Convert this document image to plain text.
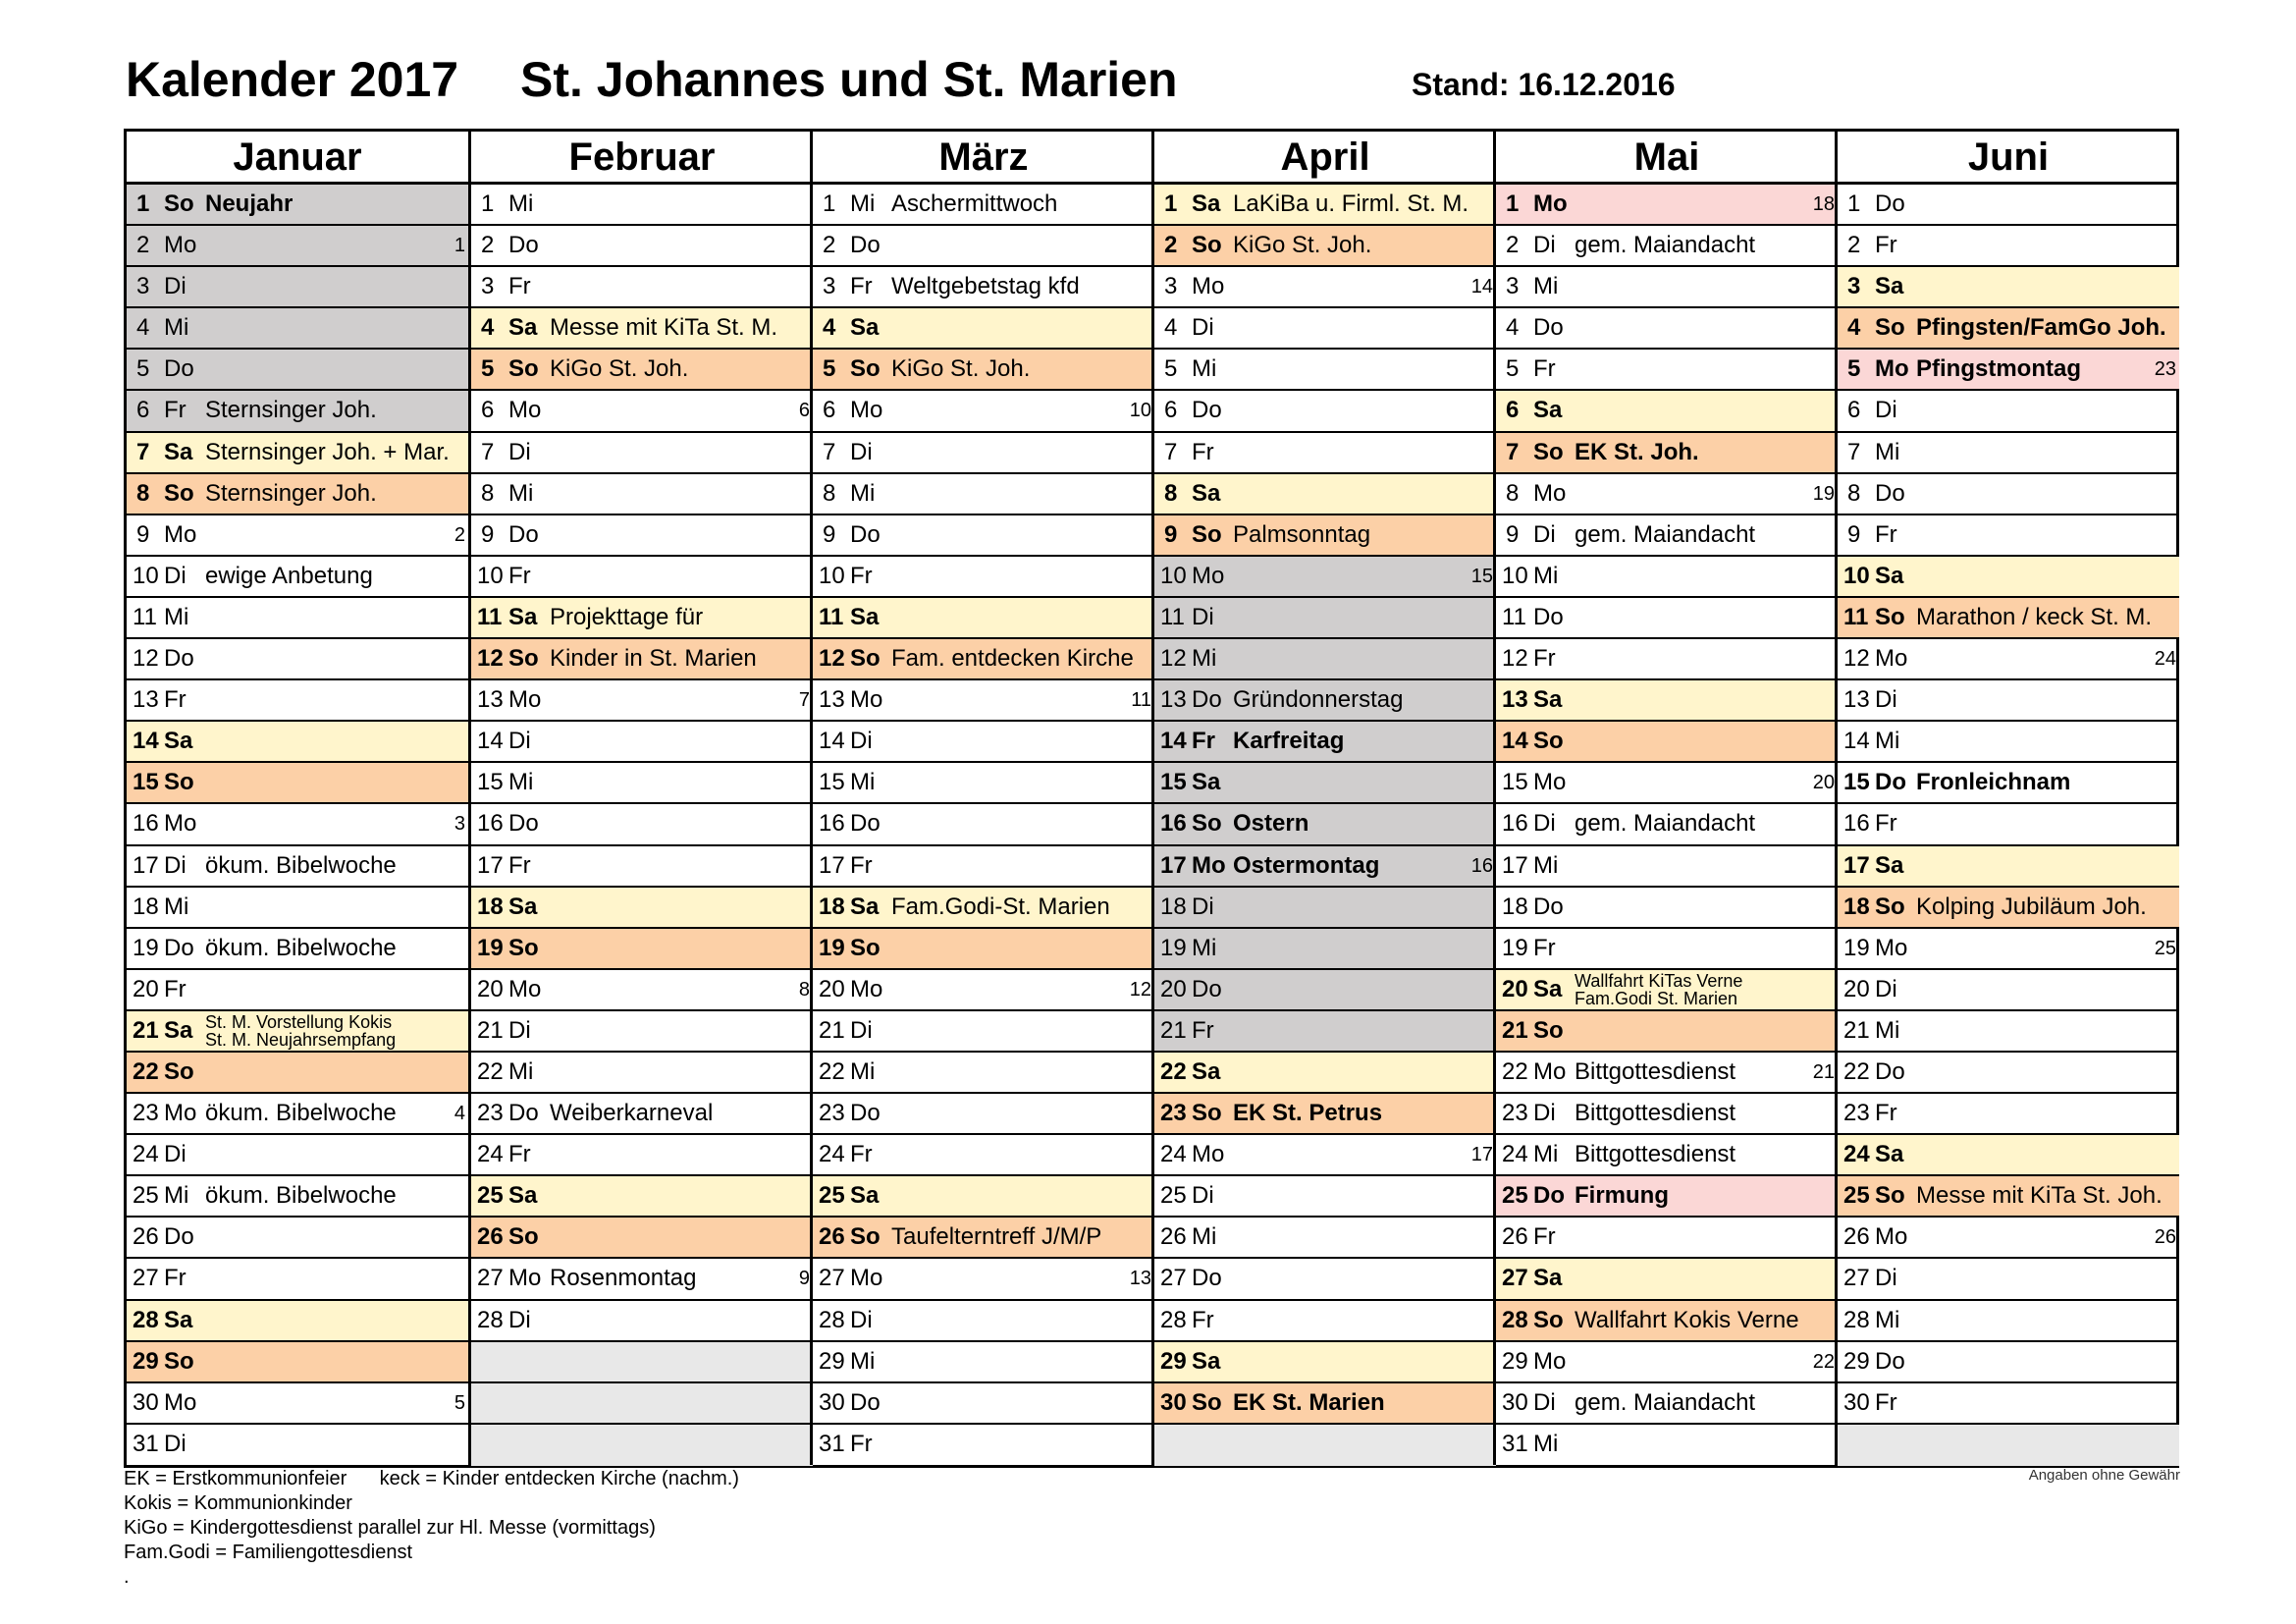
Kalender 2017 St. Johannes und St. Marien	Stand: 16.12.2016
Januar
1 So Neujahr
2 Mo	1
3 Di
4 Mi
5 Do
6 Fr Sternsinger Joh.
7 Sa Sternsinger Joh. + Mar.
8 So Sternsinger Joh.
9 Mo	2
10 Di ewige Anbetung
11 Mi
12 Do
13 Fr
14 Sa
15 So
16 Mo	3
17 Di ökum. Bibelwoche
18 Mi
19 Do ökum. Bibelwoche
20 Fr
21 Sa St. M. Vorstellung Kokis
St. M. Neujahrsempfang
22 So
23 Mo ökum. Bibelwoche	4
24 Di
25 Mi ökum. Bibelwoche
26 Do
27 Fr
28 Sa
29 So
30 Mo	5
31 Di
Februar
1 Mi
2 Do
3 Fr
4 Sa Messe mit KiTa St. M.
5 So KiGo St. Joh.
6 Mo	6
7 Di
8 Mi
9 Do
10 Fr
11 Sa Projekttage für
12 So Kinder in St. Marien
13 Mo	7
14 Di
15 Mi
16 Do
17 Fr
18 Sa
19 So
20 Mo	8
21 Di
22 Mi
23 Do Weiberkarneval
24 Fr
25 Sa
26 So
27 Mo Rosenmontag	9
28 Di
März
1 Mi Aschermittwoch
2 Do
3 Fr Weltgebetstag kfd
4 Sa
5 So KiGo St. Joh.
6 Mo	10
7 Di
8 Mi
9 Do
10 Fr
11 Sa
12 So Fam. entdecken Kirche
13 Mo	11
14 Di
15 Mi
16 Do
17 Fr
18 Sa Fam.Godi-St. Marien
19 So
20 Mo	12
21 Di
22 Mi
23 Do
24 Fr
25 Sa
26 So Taufelterntreff J/M/P
27 Mo	13
28 Di
29 Mi
30 Do
31 Fr
April
1 Sa LaKiBa u. Firml. St. M.
2 So KiGo St. Joh.
3 Mo	14
4 Di
5 Mi
6 Do
7 Fr
8 Sa
9 So Palmsonntag
10 Mo	15
11 Di
12 Mi
13 Do Gründonnerstag
14 Fr Karfreitag
15 Sa
16 So Ostern
17 Mo Ostermontag	16
18 Di
19 Mi
20 Do
21 Fr
22 Sa
23 So EK St. Petrus
24 Mo	17
25 Di
26 Mi
27 Do
28 Fr
29 Sa
30 So EK St. Marien
Mai
1 Mo	18
2 Di gem. Maiandacht
3 Mi
4 Do
5 Fr
6 Sa
7 So EK St. Joh.
8 Mo	19
9 Di gem. Maiandacht
10 Mi
11 Do
12 Fr
13 Sa
14 So
15 Mo	20
16 Di gem. Maiandacht
17 Mi
18 Do
19 Fr
20 Sa Wallfahrt KiTas Verne
Fam.Godi St. Marien
21 So
22 Mo Bittgottesdienst	21
23 Di Bittgottesdienst
24 Mi Bittgottesdienst
25 Do Firmung
26 Fr
27 Sa
28 So Wallfahrt Kokis Verne
29 Mo	22
30 Di gem. Maiandacht
31 Mi
Juni
1 Do
2 Fr
3 Sa
4 So Pfingsten/FamGo Joh.
5 Mo Pfingstmontag	23
6 Di
7 Mi
8 Do
9 Fr
10 Sa
11 So Marathon / keck St. M.
12 Mo	24
13 Di
14 Mi
15 Do Fronleichnam
16 Fr
17 Sa
18 So Kolping Jubiläum Joh.
19 Mo	25
20 Di
21 Mi
22 Do
23 Fr
24 Sa
25 So Messe mit KiTa St. Joh.
26 Mo	26
27 Di
28 Mi
29 Do
30 Fr
EK = Erstkommunionfeier      keck = Kinder entdecken Kirche (nachm.)
Kokis = Kommunionkinder
KiGo = Kindergottesdienst parallel zur Hl. Messe (vormittags)
Fam.Godi = Familiengottesdienst
.
Angaben ohne Gewähr
